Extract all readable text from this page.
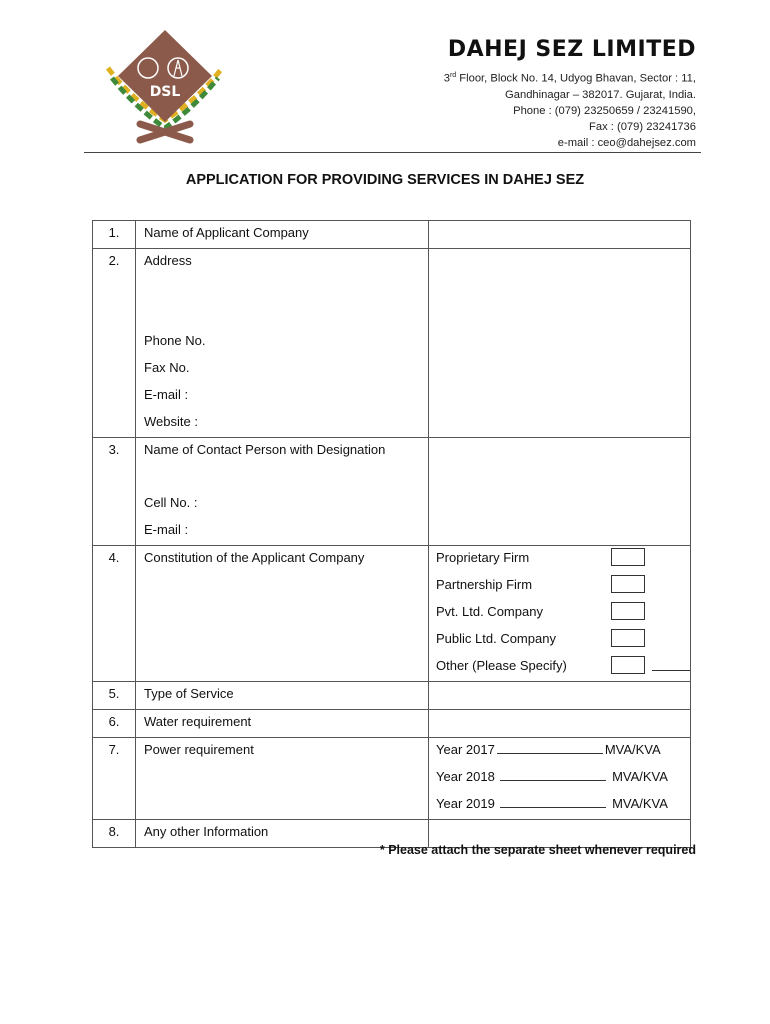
DSL
DAHEJ SEZ LIMITED
3rd Floor, Block No. 14, Udyog Bhavan, Sector : 11,
Gandhinagar – 382017. Gujarat, India.
Phone : (079) 23250659 / 23241590,
Fax : (079) 23241736
e-mail : ceo@dahejsez.com
APPLICATION FOR PROVIDING SERVICES IN DAHEJ SEZ
1.	Name of Applicant Company	

2.	Address
Phone No.
Fax No.
E-mail :
Website :	

3.	Name of Contact Person with Designation
Cell No. :
E-mail :	

4.	Constitution of the Applicant Company	Proprietary Firm
Partnership Firm
Pvt. Ltd. Company
Public Ltd. Company
Other (Please Specify)

5.	Type of Service	

6.	Water requirement	

7.	Power requirement	Year 2017 MVA/KVA
Year 2018 MVA/KVA
Year 2019 MVA/KVA

8.	Any other Information	

* Please attach the separate sheet whenever required
